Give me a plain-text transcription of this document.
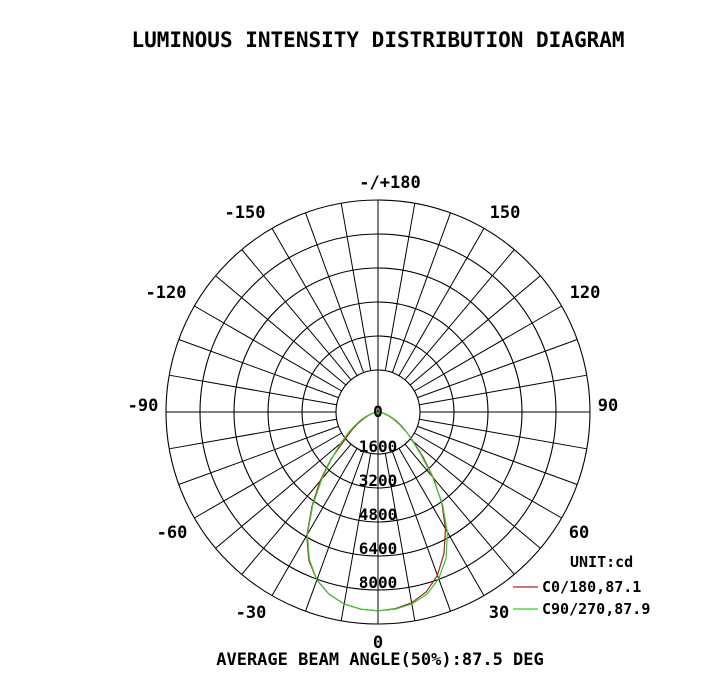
LUMINOUS INTENSITY DISTRIBUTION DIAGRAM
-/+180
150
-150
120
-120
90
-90
60
-60
30
-30
0
0
1600
3200
4800
6400
8000
UNIT:cd
C0/180,87.1
C90/270,87.9
AVERAGE BEAM ANGLE(50%):87.5 DEG
